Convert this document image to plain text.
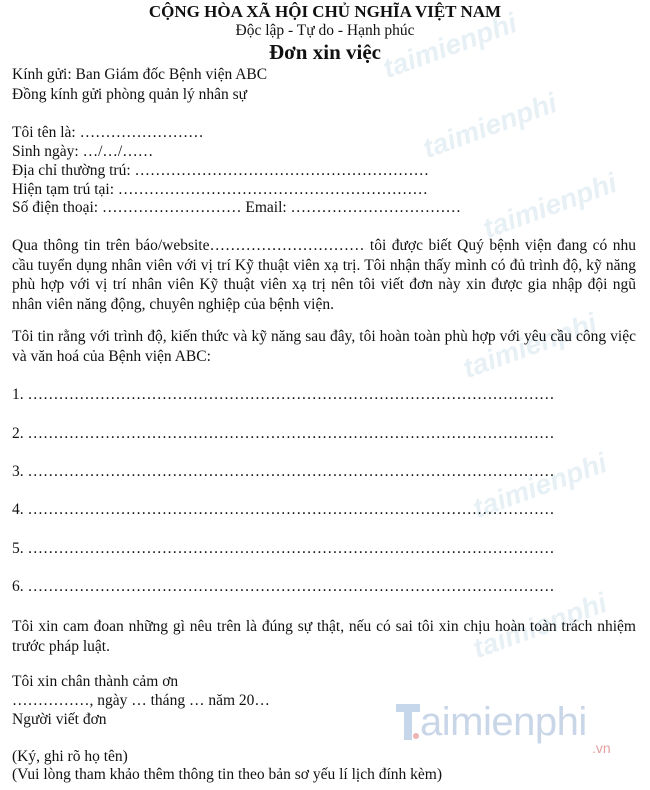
taimienphi
taimienphi
taimienphi
taimienphi
taimienphi
taimienphi
CỘNG HÒA XÃ HỘI CHỦ NGHĨA VIỆT NAM
Độc lập - Tự do - Hạnh phúc
Đơn xin việc
Kính gửi: Ban Giám đốc Bệnh viện ABC
Đồng kính gửi phòng quản lý nhân sự
Tôi tên là: ……………………
Sinh ngày: …/…/……
Địa chỉ thường trú: …………………………………………………
Hiện tạm trú tại: ……………………………………………………
Số điện thoại: ……………………… Email: ……………………………
Qua thông tin trên báo/website………………………… tôi được biết Quý bệnh viện đang có nhu cầu tuyển dụng nhân viên với vị trí Kỹ thuật viên xạ trị. Tôi nhận thấy mình có đủ trình độ, kỹ năng phù hợp với vị trí nhân viên Kỹ thuật viên xạ trị nên tôi viết đơn này xin được gia nhập đội ngũ nhân viên năng động, chuyên nghiệp của bệnh viện.
Tôi tin rằng với trình độ, kiến thức và kỹ năng sau đây, tôi hoàn toàn phù hợp với yêu cầu công việc và văn hoá của Bệnh viện ABC:
1. …………………………………………………………………………………………
2. …………………………………………………………………………………………
3. …………………………………………………………………………………………
4. …………………………………………………………………………………………
5. …………………………………………………………………………………………
6. …………………………………………………………………………………………
Tôi xin cam đoan những gì nêu trên là đúng sự thật, nếu có sai tôi xin chịu hoàn toàn trách nhiệm trước pháp luật.
Tôi xin chân thành cảm ơn
……………, ngày … tháng … năm 20…
Người viết đơn
(Ký, ghi rõ họ tên)
(Vui lòng tham khảo thêm thông tin theo bản sơ yếu lí lịch đính kèm)
aimienphi
.vn
